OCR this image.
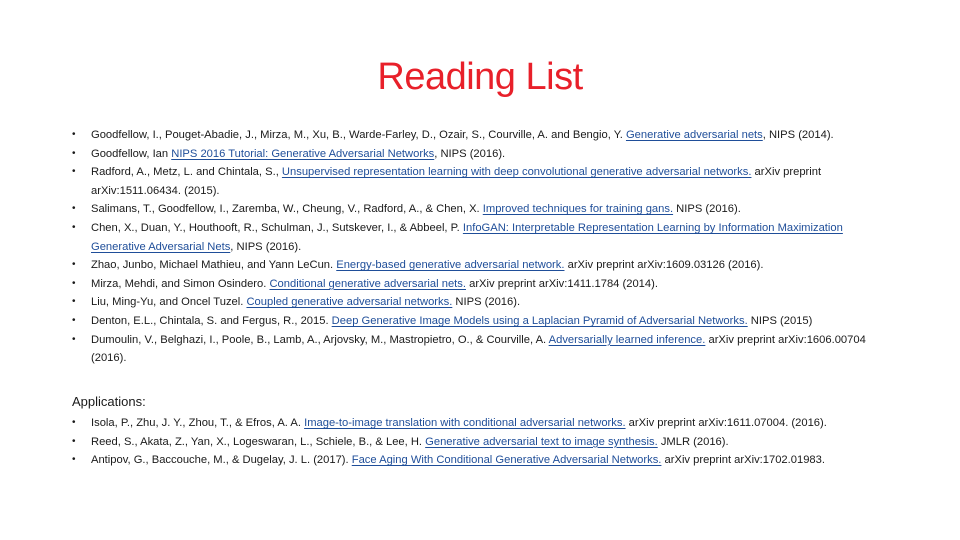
Reading List
• Goodfellow, I., Pouget-Abadie, J., Mirza, M., Xu, B., Warde-Farley, D., Ozair, S., Courville, A. and Bengio, Y. Generative adversarial nets, NIPS (2014).
• Goodfellow, Ian NIPS 2016 Tutorial: Generative Adversarial Networks, NIPS (2016).
• Radford, A., Metz, L. and Chintala, S., Unsupervised representation learning with deep convolutional generative adversarial networks. arXiv preprint arXiv:1511.06434. (2015).
• Salimans, T., Goodfellow, I., Zaremba, W., Cheung, V., Radford, A., & Chen, X. Improved techniques for training gans. NIPS (2016).
• Chen, X., Duan, Y., Houthooft, R., Schulman, J., Sutskever, I., & Abbeel, P. InfoGAN: Interpretable Representation Learning by Information Maximization Generative Adversarial Nets, NIPS (2016).
• Zhao, Junbo, Michael Mathieu, and Yann LeCun. Energy-based generative adversarial network. arXiv preprint arXiv:1609.03126 (2016).
• Mirza, Mehdi, and Simon Osindero. Conditional generative adversarial nets. arXiv preprint arXiv:1411.1784 (2014).
• Liu, Ming-Yu, and Oncel Tuzel. Coupled generative adversarial networks. NIPS (2016).
• Denton, E.L., Chintala, S. and Fergus, R., 2015. Deep Generative Image Models using a Laplacian Pyramid of Adversarial Networks. NIPS (2015)
• Dumoulin, V., Belghazi, I., Poole, B., Lamb, A., Arjovsky, M., Mastropietro, O., & Courville, A. Adversarially learned inference. arXiv preprint arXiv:1606.00704 (2016).
Applications:
• Isola, P., Zhu, J. Y., Zhou, T., & Efros, A. A. Image-to-image translation with conditional adversarial networks. arXiv preprint arXiv:1611.07004. (2016).
• Reed, S., Akata, Z., Yan, X., Logeswaran, L., Schiele, B., & Lee, H. Generative adversarial text to image synthesis. JMLR (2016).
• Antipov, G., Baccouche, M., & Dugelay, J. L. (2017). Face Aging With Conditional Generative Adversarial Networks. arXiv preprint arXiv:1702.01983.
